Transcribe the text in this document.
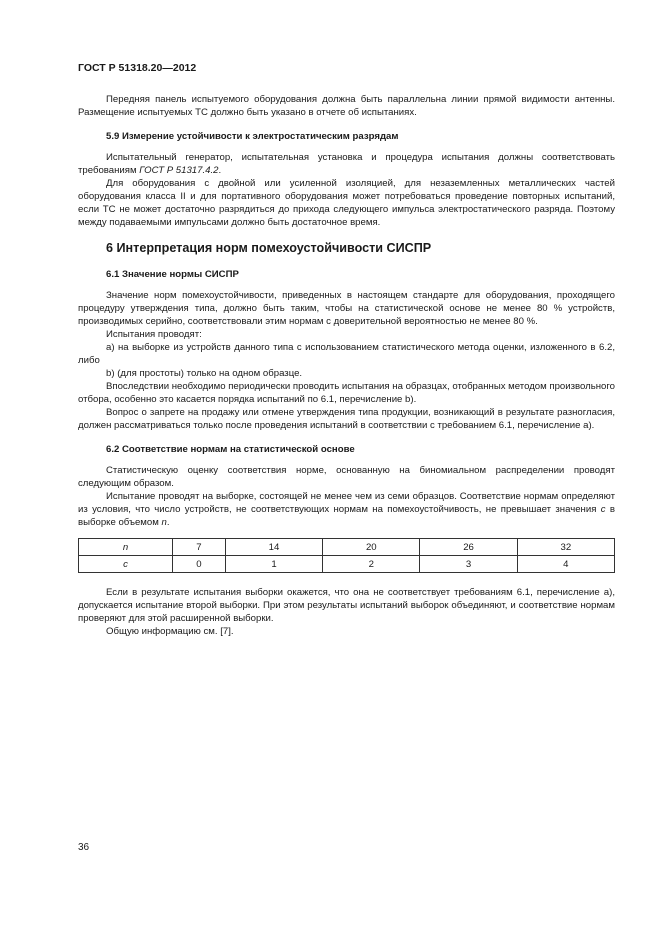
ГОСТ Р 51318.20—2012

Передняя панель испытуемого оборудования должна быть параллельна линии прямой видимости антенны. Размещение испытуемых ТС должно быть указано в отчете об испытаниях.

5.9 Измерение устойчивости к электростатическим разрядам

Испытательный генератор, испытательная установка и процедура испытания должны соответствовать требованиям ГОСТ Р 51317.4.2.

Для оборудования с двойной или усиленной изоляцией, для незаземленных металлических частей оборудования класса II и для портативного оборудования может потребоваться проведение повторных испытаний, если ТС не может достаточно разрядиться до прихода следующего импульса электростатического разряда. Поэтому между подаваемыми импульсами должно быть достаточное время.

6 Интерпретация норм помехоустойчивости СИСПР
6.1 Значение нормы СИСПР

Значение норм помехоустойчивости, приведенных в настоящем стандарте для оборудования, проходящего процедуру утверждения типа, должно быть таким, чтобы на статистической основе не менее 80 % устройств, производимых серийно, соответствовали этим нормам с доверительной вероятностью не менее 80 %.

Испытания проводят:

a) на выборке из устройств данного типа с использованием статистического метода оценки, изложенного в 6.2, либо

b) (для простоты) только на одном образце.

Впоследствии необходимо периодически проводить испытания на образцах, отобранных методом произвольного отбора, особенно это касается порядка испытаний по 6.1, перечисление b).

Вопрос о запрете на продажу или отмене утверждения типа продукции, возникающий в результате разногласия, должен рассматриваться только после проведения испытаний в соответствии с требованием 6.1, перечисление a).

6.2 Соответствие нормам на статистической основе

Статистическую оценку соответствия норме, основанную на биномиальном распределении проводят следующим образом.

Испытание проводят на выборке, состоящей не менее чем из семи образцов. Соответствие нормам определяют из условия, что число устройств, не соответствующих нормам на помехоустойчивость, не превышает значения c в выборке объемом n.

n	7	14	20	26	32
c	0	1	2	3	4

Если в результате испытания выборки окажется, что она не соответствует требованиям 6.1, перечисление a), допускается испытание второй выборки. При этом результаты испытаний выборок объединяют, и соответствие нормам проверяют для этой расширенной выборки.

Общую информацию см. [7].

36
